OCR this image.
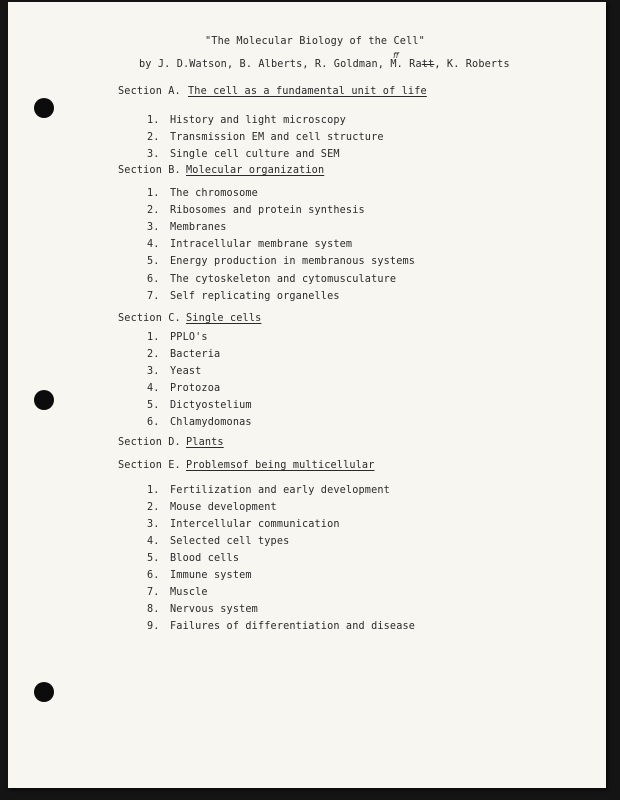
"The Molecular Biology of the Cell"
by J. D.Watson, B. Alberts, R. Goldman, M. Ratt, K. Roberts
ff
Section A. The cell as a fundamental unit of life
1. History and light microscopy
2. Transmission EM and cell structure
3. Single cell culture and SEM
Section B. Molecular organization
1. The chromosome
2. Ribosomes and protein synthesis
3. Membranes
4. Intracellular membrane system
5. Energy production in membranous systems
6. The cytoskeleton and cytomusculature
7. Self replicating organelles
Section C. Single cells
1. PPLO's
2. Bacteria
3. Yeast
4. Protozoa
5. Dictyostelium
6. Chlamydomonas
Section D. Plants
Section E. Problemsof being multicellular
1. Fertilization and early development
2. Mouse development
3. Intercellular communication
4. Selected cell types
5. Blood cells
6. Immune system
7. Muscle
8. Nervous system
9. Failures of differentiation and disease
